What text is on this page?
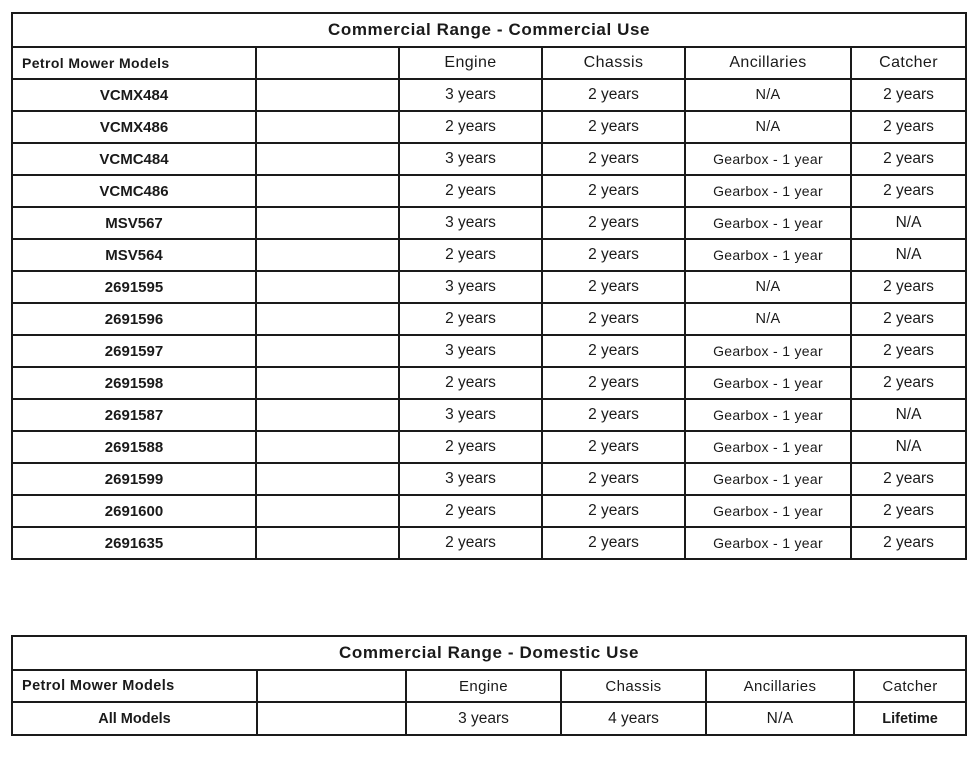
Commercial Range - Commercial Use					
Petrol Mower Models		Engine	Chassis	Ancillaries	Catcher
VCMX484		3 years	2 years	N/A	2 years
VCMX486		2 years	2 years	N/A	2 years
VCMC484		3 years	2 years	Gearbox - 1 year	2 years
VCMC486		2 years	2 years	Gearbox - 1 year	2 years
MSV567		3 years	2 years	Gearbox - 1 year	N/A
MSV564		2 years	2 years	Gearbox - 1 year	N/A
2691595		3 years	2 years	N/A	2 years
2691596		2 years	2 years	N/A	2 years
2691597		3 years	2 years	Gearbox - 1 year	2 years
2691598		2 years	2 years	Gearbox - 1 year	2 years
2691587		3 years	2 years	Gearbox - 1 year	N/A
2691588		2 years	2 years	Gearbox - 1 year	N/A
2691599		3 years	2 years	Gearbox - 1 year	2 years
2691600		2 years	2 years	Gearbox - 1 year	2 years
2691635		2 years	2 years	Gearbox - 1 year	2 years
Commercial Range - Domestic Use					
Petrol Mower Models		Engine	Chassis	Ancillaries	Catcher
All Models		3 years	4 years	N/A	Lifetime
